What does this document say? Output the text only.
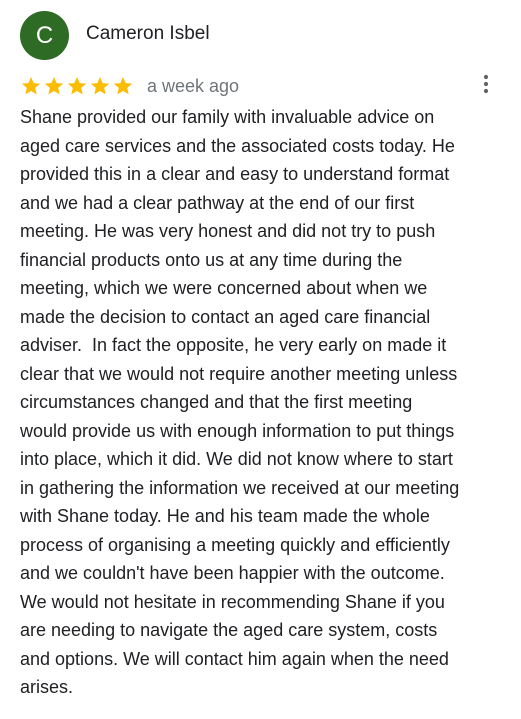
C Cameron Isbel
a week ago
Shane provided our family with invaluable advice on
aged care services and the associated costs today. He
provided this in a clear and easy to understand format
and we had a clear pathway at the end of our first
meeting. He was very honest and did not try to push
financial products onto us at any time during the
meeting, which we were concerned about when we
made the decision to contact an aged care financial
adviser.  In fact the opposite, he very early on made it
clear that we would not require another meeting unless
circumstances changed and that the first meeting
would provide us with enough information to put things
into place, which it did. We did not know where to start
in gathering the information we received at our meeting
with Shane today. He and his team made the whole
process of organising a meeting quickly and efficiently
and we couldn't have been happier with the outcome.
We would not hesitate in recommending Shane if you
are needing to navigate the aged care system, costs
and options. We will contact him again when the need
arises.
